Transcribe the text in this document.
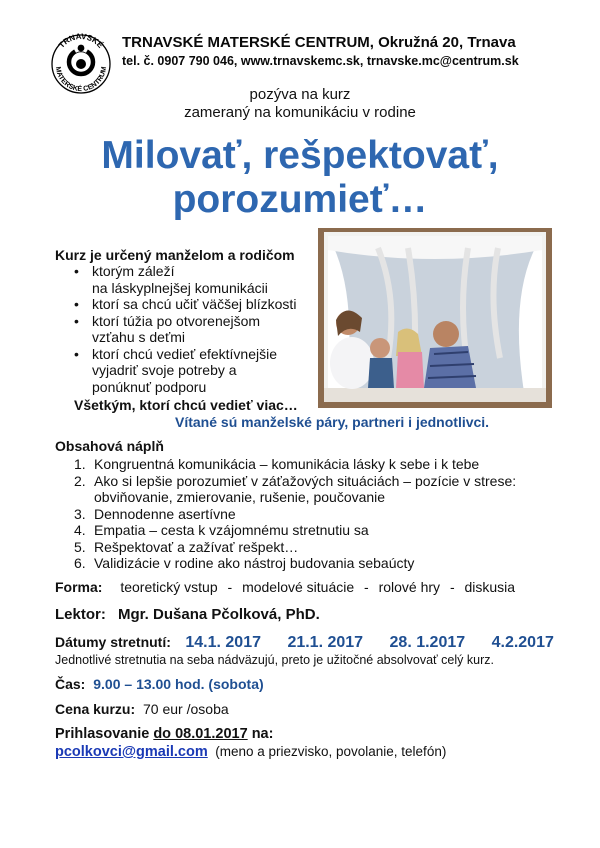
TRNAVSKÉ
MATERSKÉ CENTRUM
TRNAVSKÉ MATERSKÉ CENTRUM, Okružná 20, Trnava
tel. č. 0907 790 046, www.trnavskemc.sk, trnavske.mc@centrum.sk
pozýva na kurz
zameraný na komunikáciu v rodine
Milovať, rešpektovať,
porozumieť…
Kurz je určený manželom a rodičom
• ktorým záleží
na láskyplnejšej komunikácii
• ktorí sa chcú učiť väčšej blízkosti
• ktorí túžia po otvorenejšom
vzťahu s deťmi
• ktorí chcú vedieť efektívnejšie
vyjadriť svoje potreby a
ponúknuť podporu
Všetkým, ktorí chcú vedieť viac…
Vítané sú manželské páry, partneri i jednotlivci.
Obsahová náplň
1. Kongruentná komunikácia – komunikácia lásky k sebe i k tebe
2. Ako si lepšie porozumieť v záťažových situáciách – pozície v strese:
obviňovanie, zmierovanie, rušenie, poučovanie
3. Dennodenne asertívne
4. Empatia – cesta k vzájomnému stretnutiu sa
5. Rešpektovať a zažívať rešpekt…
6. Validizácie v rodine ako nástroj budovania sebaúcty
Forma: teoretický vstup - modelové situácie - rolové hry - diskusia
Lektor: Mgr. Dušana Pčolková, PhD.
Dátumy stretnutí: 14.1. 2017 21.1. 2017 28. 1.2017 4.2.2017
Jednotlivé stretnutia na seba nádväzujú, preto je užitočné absolvovať celý kurz.
Čas: 9.00 – 13.00 hod. (sobota)
Cena kurzu: 70 eur /osoba
Prihlasovanie do 08.01.2017 na:
pcolkovci@gmail.com (meno a priezvisko, povolanie, telefón)
